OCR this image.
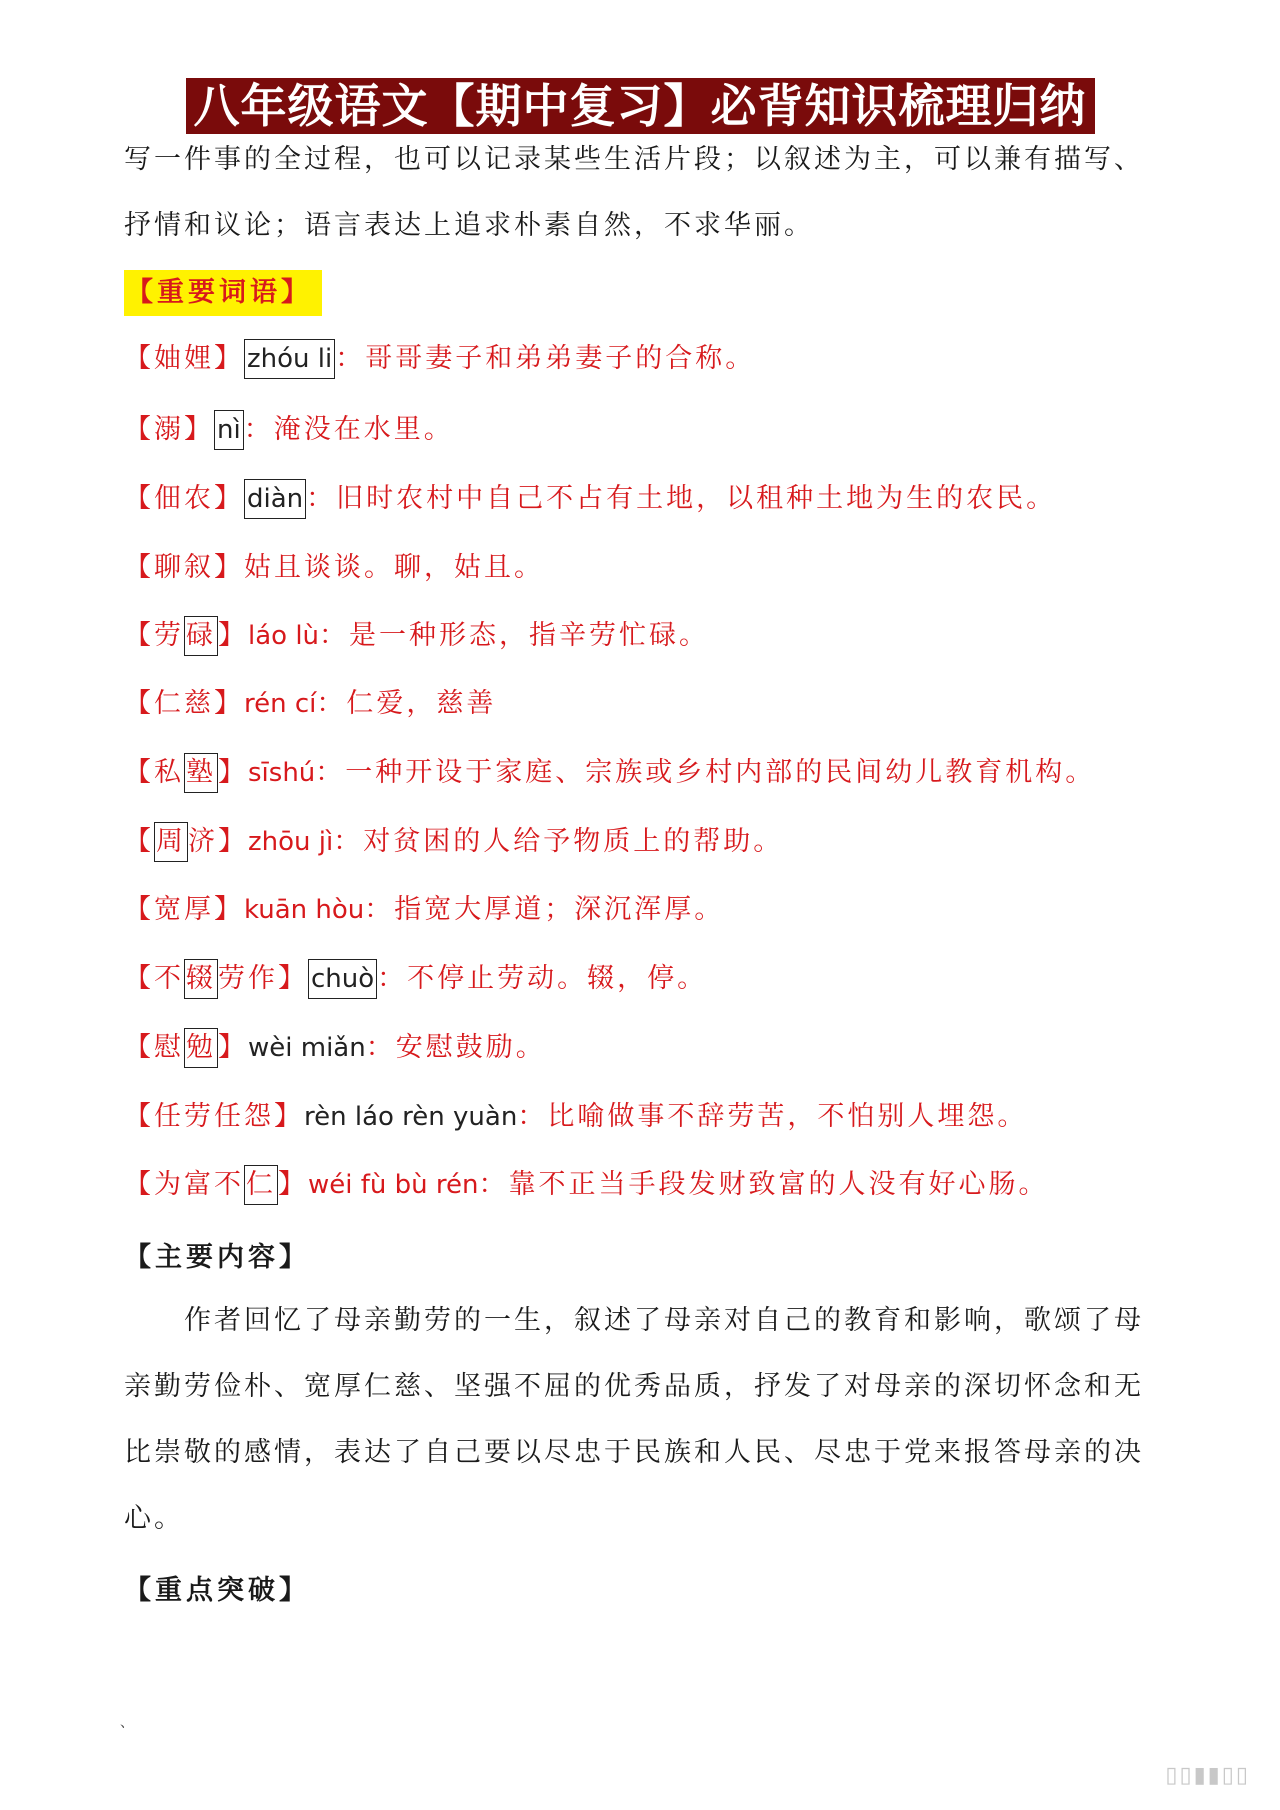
八年级语文【期中复习】必背知识梳理归纳
写一件事的全过程，也可以记录某些生活片段；以叙述为主，可以兼有描写、
抒情和议论；语言表达上追求朴素自然，不求华丽。
【重要词语】
【妯娌】 zhóu li ：哥哥妻子和弟弟妻子的合称。
【溺】 nì ：淹没在水里。
【佃农】 diàn ：旧时农村中自己不占有土地，以租种土地为生的农民。
【聊叙】姑且谈谈。聊，姑且。
【劳碌】láo lù：是一种形态，指辛劳忙碌。
【仁慈】rén cí：仁爱，慈善
【私塾】sīshú：一种开设于家庭、宗族或乡村内部的民间幼儿教育机构。
【周济】zhōu jì：对贫困的人给予物质上的帮助。
【宽厚】kuān hòu：指宽大厚道；深沉浑厚。
【不辍劳作】 chuò ：不停止劳动。辍，停。
【慰勉】wèi miǎn：安慰鼓励。
【任劳任怨】rèn láo rèn yuàn：比喻做事不辞劳苦，不怕别人埋怨。
【为富不仁】wéi fù bù rén：靠不正当手段发财致富的人没有好心肠。
【主要内容】
作者回忆了母亲勤劳的一生，叙述了母亲对自己的教育和影响，歌颂了母亲勤劳俭朴、宽厚仁慈、坚强不屈的优秀品质，抒发了对母亲的深切怀念和无比崇敬的感情，表达了自己要以尽忠于民族和人民、尽忠于党来报答母亲的决心。
【重点突破】
、
▯▯▮▮▯▯
